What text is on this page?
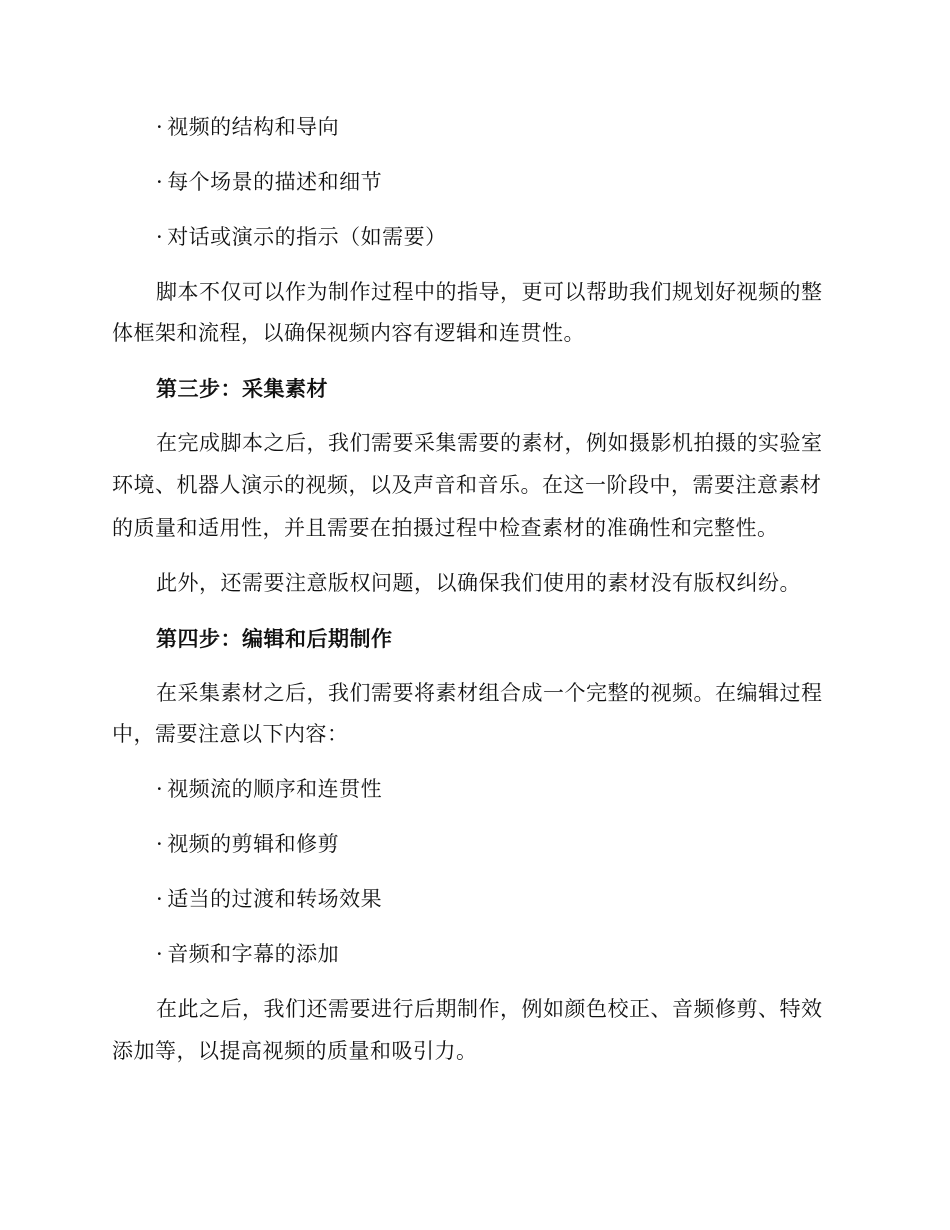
· 视频的结构和导向
· 每个场景的描述和细节
· 对话或演示的指示（如需要）
脚本不仅可以作为制作过程中的指导，更可以帮助我们规划好视频的整
体框架和流程，以确保视频内容有逻辑和连贯性。
第三步：采集素材
在完成脚本之后，我们需要采集需要的素材，例如摄影机拍摄的实验室
环境、机器人演示的视频，以及声音和音乐。在这一阶段中，需要注意素材
的质量和适用性，并且需要在拍摄过程中检查素材的准确性和完整性。
此外，还需要注意版权问题，以确保我们使用的素材没有版权纠纷。
第四步：编辑和后期制作
在采集素材之后，我们需要将素材组合成一个完整的视频。在编辑过程
中，需要注意以下内容：
· 视频流的顺序和连贯性
· 视频的剪辑和修剪
· 适当的过渡和转场效果
· 音频和字幕的添加
在此之后，我们还需要进行后期制作，例如颜色校正、音频修剪、特效
添加等，以提高视频的质量和吸引力。
